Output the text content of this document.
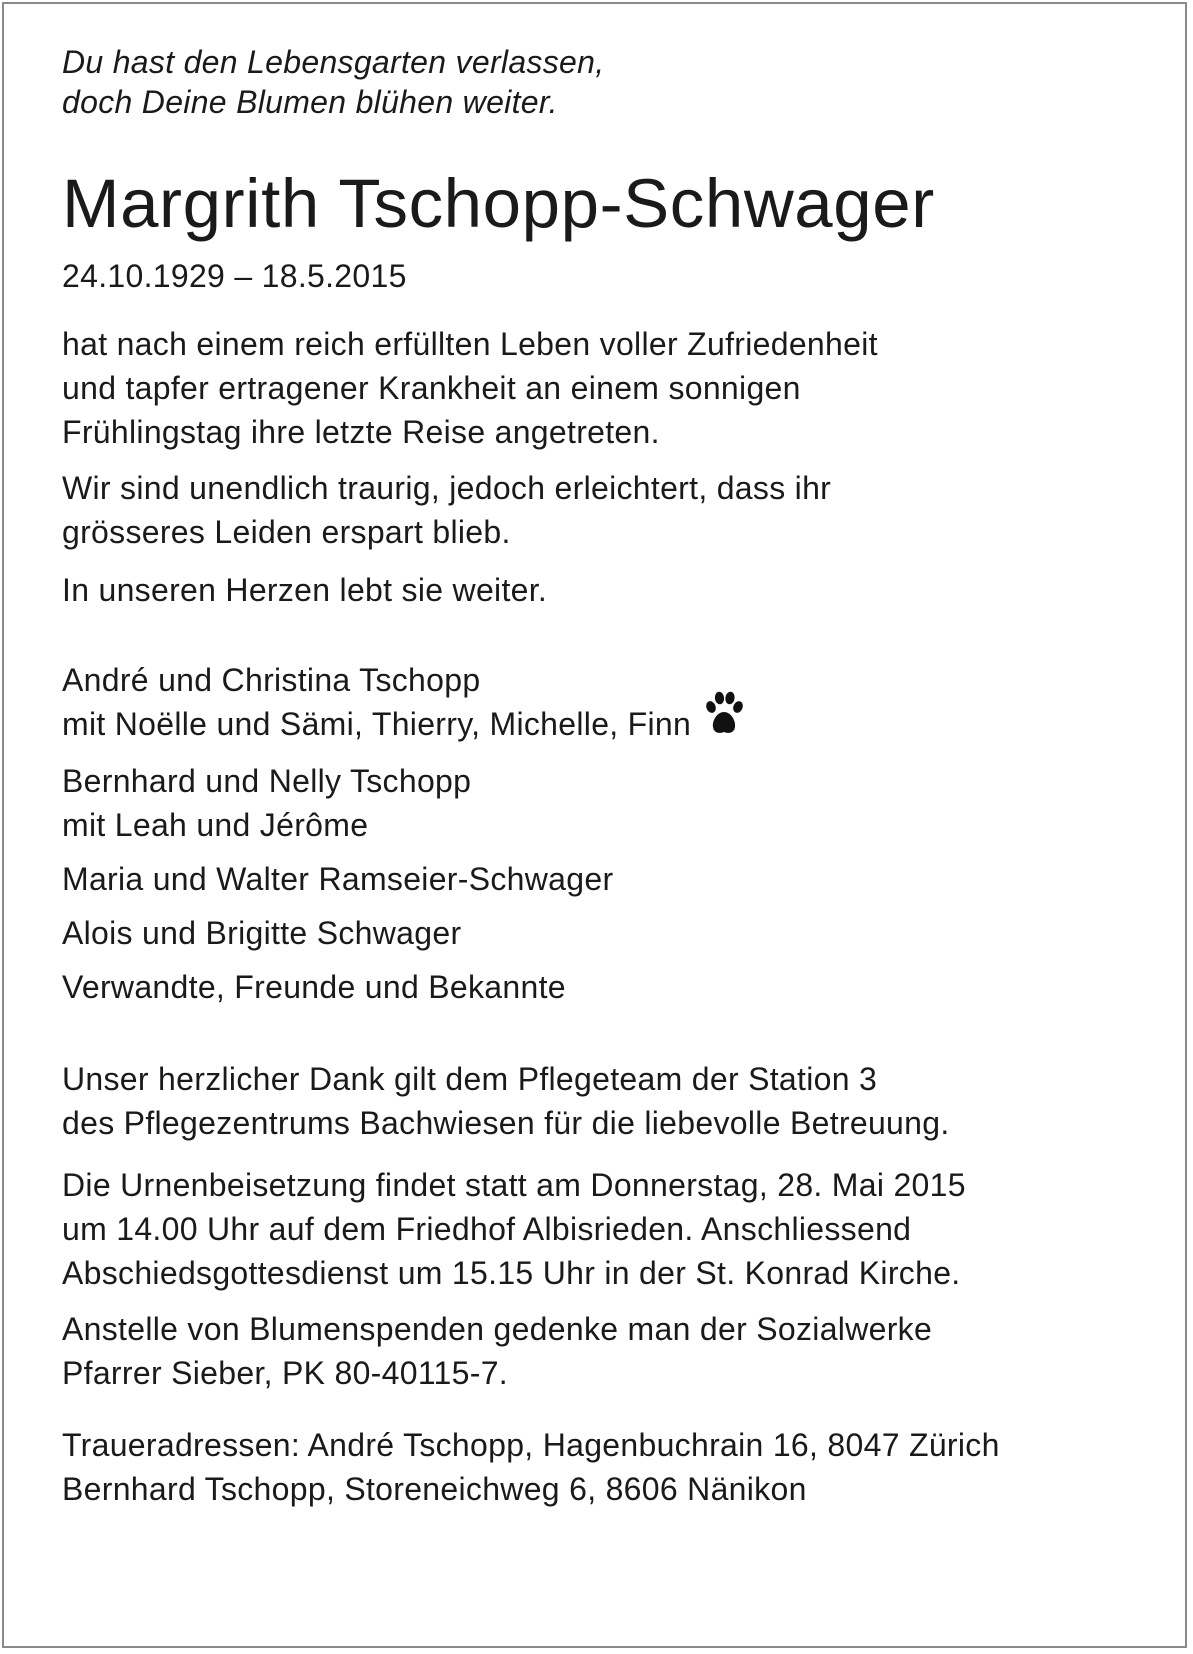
Du hast den Lebensgarten verlassen,
doch Deine Blumen blühen weiter.
Margrith Tschopp-Schwager
24.10.1929 – 18.5.2015
hat nach einem reich erfüllten Leben voller Zufriedenheit
und tapfer ertragener Krankheit an einem sonnigen
Frühlingstag ihre letzte Reise angetreten.
Wir sind unendlich traurig, jedoch erleichtert, dass ihr
grösseres Leiden erspart blieb.
In unseren Herzen lebt sie weiter.
André und Christina Tschopp
mit Noëlle und Sämi, Thierry, Michelle, Finn
Bernhard und Nelly Tschopp
mit Leah und Jérôme
Maria und Walter Ramseier-Schwager
Alois und Brigitte Schwager
Verwandte, Freunde und Bekannte
Unser herzlicher Dank gilt dem Pflegeteam der Station 3
des Pflegezentrums Bachwiesen für die liebevolle Betreuung.
Die Urnenbeisetzung findet statt am Donnerstag, 28. Mai 2015
um 14.00 Uhr auf dem Friedhof Albisrieden. Anschliessend
Abschiedsgottesdienst um 15.15 Uhr in der St. Konrad Kirche.
Anstelle von Blumenspenden gedenke man der Sozialwerke
Pfarrer Sieber, PK 80-40115-7.
Traueradressen: André Tschopp, Hagenbuchrain 16, 8047 Zürich
Bernhard Tschopp, Storeneichweg 6, 8606 Nänikon
